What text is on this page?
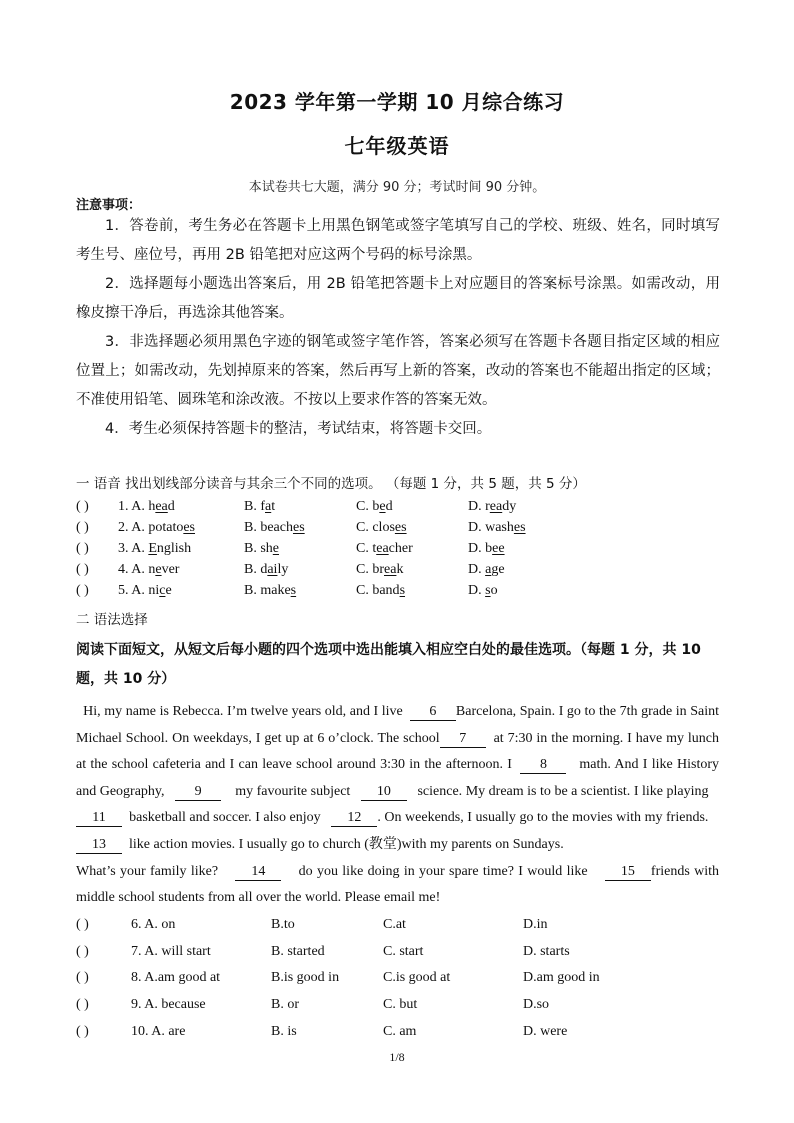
2023 学年第一学期 10 月综合练习
七年级英语
本试卷共七大题，满分 90 分；考试时间 90 分钟。
注意事项：

1．答卷前，考生务必在答题卡上用黑色钢笔或签字笔填写自己的学校、班级、姓名，同时填写考生号、座位号，再用 2B 铅笔把对应这两个号码的标号涂黑。

2．选择题每小题选出答案后，用 2B 铅笔把答题卡上对应题目的答案标号涂黑。如需改动，用橡皮擦干净后，再选涂其他答案。

3．非选择题必须用黑色字迹的钢笔或签字笔作答，答案必须写在答题卡各题目指定区域的相应位置上；如需改动，先划掉原来的答案，然后再写上新的答案，改动的答案也不能超出指定的区域；不准使用铅笔、圆珠笔和涂改液。不按以上要求作答的答案无效。

4．考生必须保持答题卡的整洁，考试结束，将答题卡交回。

一 语音 找出划线部分读音与其余三个不同的选项。 （每题 1 分，共 5 题，共 5 分）
( ) 1. A. head	B. fat	C. bed	D. ready
( ) 2. A. potatoes	B. beaches	C. closes	D. washes
( ) 3. A. English	B. she	C. teacher	D. bee
( ) 4. A. never	B. daily	C. break	D. age
( ) 5. A. nice	B. makes	C. bands	D. so
二 语法选择
阅读下面短文，从短文后每小题的四个选项中选出能填入相应空白处的最佳选项。（每题 1 分，共 10 题，共 10 分）

Hi, my name is Rebecca. I’m twelve years old, and I live 6 Barcelona, Spain. I go to the 7th grade in Saint Michael School. On weekdays, I get up at 6 o’clock. The school 7 at 7:30 in the morning. I have my lunch at the school cafeteria and I can leave school around 3:30 in the afternoon. I 8 math. And I like History and Geography, 9 my favourite subject 10 science. My dream is to be a scientist. I like playing   11 basketball and soccer. I also enjoy 12 . On weekends, I usually go to the movies with my friends.   13 like action movies. I usually go to church (教堂)with my parents on Sundays.

What’s your family like? 14 do you like doing in your spare time? I would like 15 friends with middle school students from all over the world. Please email me!

( )	6. A. on	B.to	C.at	D.in
( )	7. A. will start	B. started	C. start	D. starts
( )	8. A.am good at	B.is good in	C.is good at	D.am good in
( )	9. A. because	B. or	C. but	D.so
( )	10. A. are	B. is	C. am	D. were
1/8
